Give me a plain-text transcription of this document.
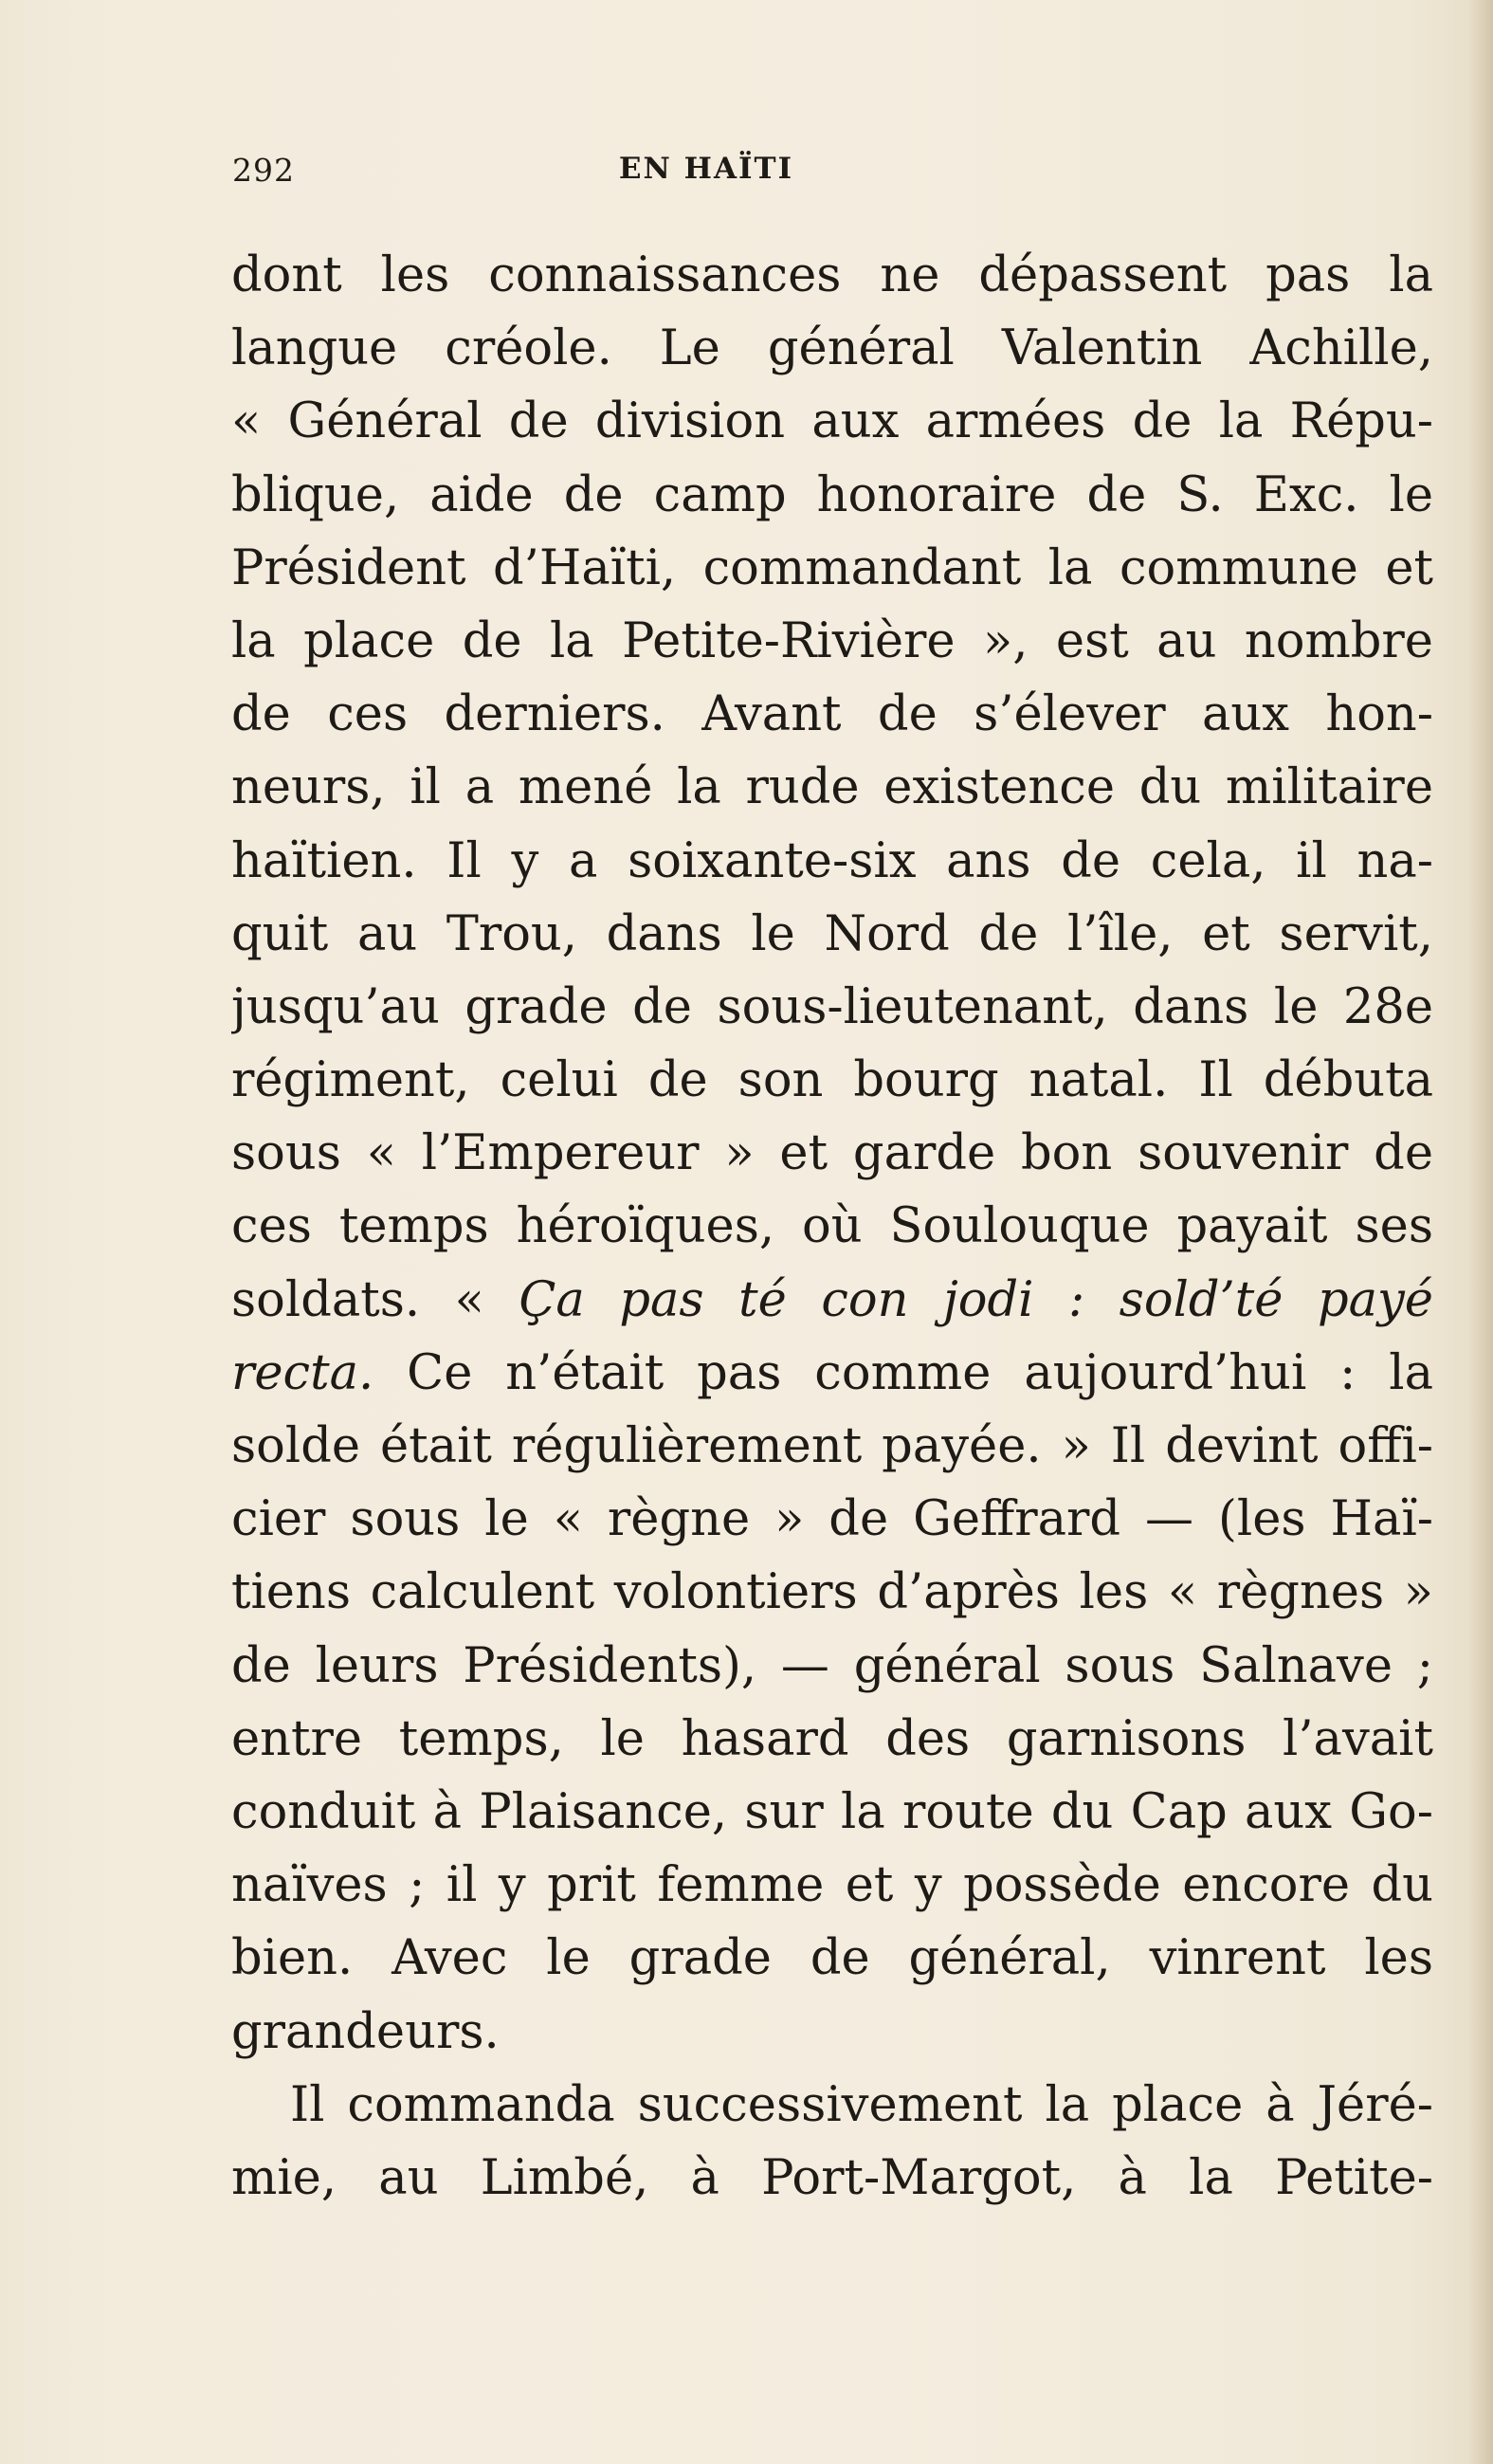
292	EN HAÏTI
dont les connaissances ne dépassent pas la
langue créole. Le général Valentin Achille,
« Général de division aux armées de la Répu-
blique, aide de camp honoraire de S. Exc. le
Président d’Haïti, commandant la commune et
la place de la Petite-Rivière », est au nombre
de ces derniers. Avant de s’élever aux hon-
neurs, il a mené la rude existence du militaire
haïtien. Il y a soixante-six ans de cela, il na-
quit au Trou, dans le Nord de l’île, et servit,
jusqu’au grade de sous-lieutenant, dans le 28e
régiment, celui de son bourg natal. Il débuta
sous « l’Empereur » et garde bon souvenir de
ces temps héroïques, où Soulouque payait ses
soldats. « Ça pas té con jodi : sold’té payé
recta. Ce n’était pas comme aujourd’hui : la
solde était régulièrement payée. » Il devint offi-
cier sous le « règne » de Geffrard — (les Haï-
tiens calculent volontiers d’après les « règnes »
de leurs Présidents), — général sous Salnave ;
entre temps, le hasard des garnisons l’avait
conduit à Plaisance, sur la route du Cap aux Go-
naïves ; il y prit femme et y possède encore du
bien. Avec le grade de général, vinrent les
grandeurs.
Il commanda successivement la place à Jéré-
mie, au Limbé, à Port-Margot, à la Petite-
